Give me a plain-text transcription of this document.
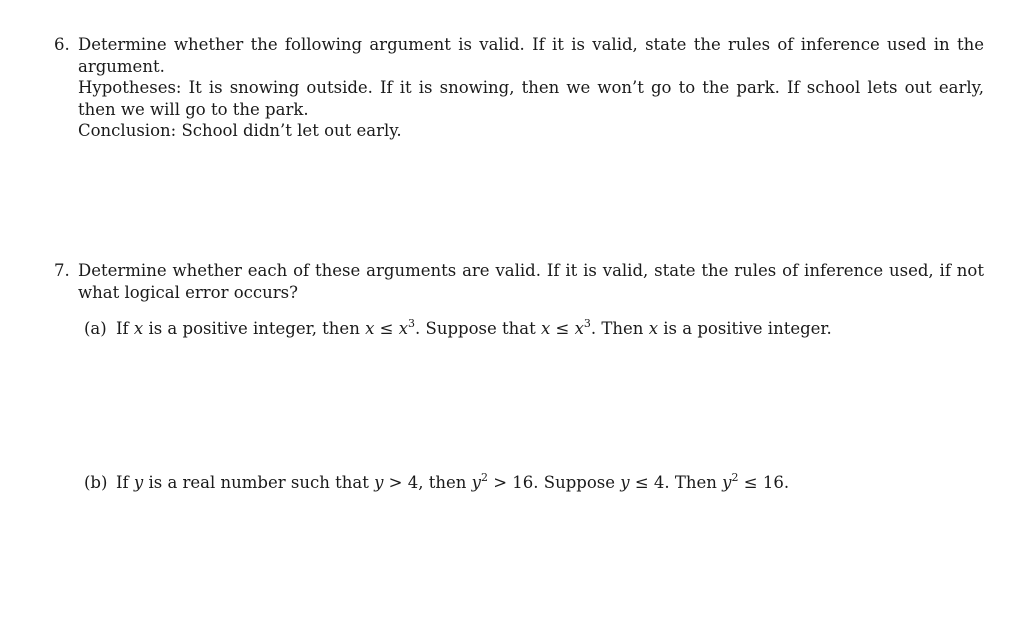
6. Determine whether the following argument is valid. If it is valid, state the rules of inference used in the argument.

Hypotheses: It is snowing outside. If it is snowing, then we won’t go to the park. If school lets out early, then we will go to the park.

Conclusion: School didn’t let out early.

7. Determine whether each of these arguments are valid. If it is valid, state the rules of inference used, if not what logical error occurs?

(a) If x is a positive integer, then $x \le x^3$. Suppose that $x \le x^3$. Then x is a positive integer.
(b) If y is a real number such that y > 4, then $y^2 > 16$. Suppose y ≤ 4. Then $y^2 \le 16$.
